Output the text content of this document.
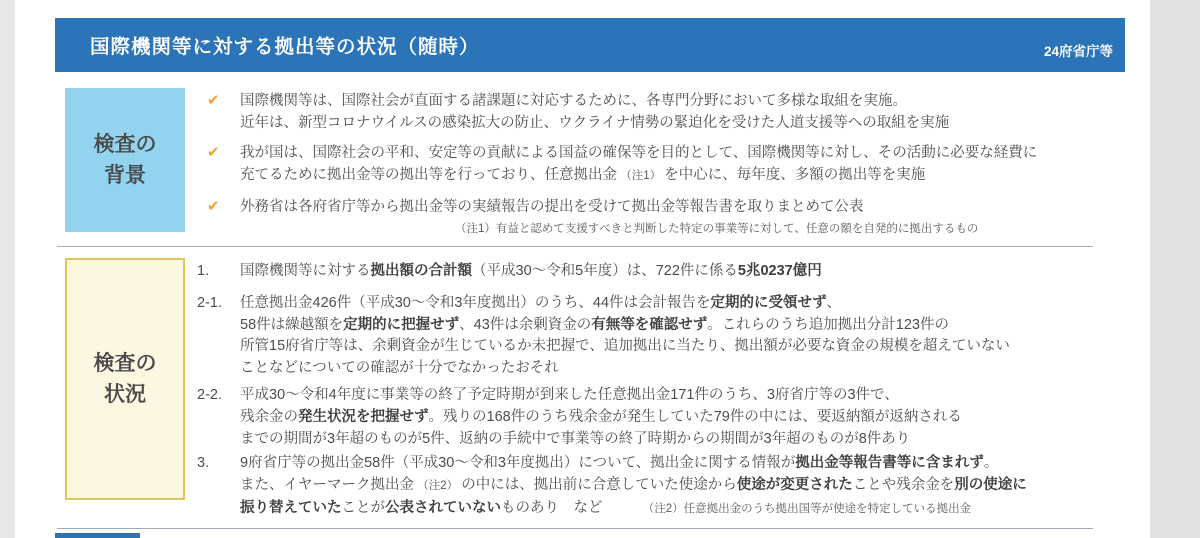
国際機関等に対する拠出等の状況（随時）	24府省庁等
検査の
背景
✔	国際機関等は、国際社会が直面する諸課題に対応するために、各専門分野において多様な取組を実施。
近年は、新型コロナウイルスの感染拡大の防止、ウクライナ情勢の緊迫化を受けた人道支援等への取組を実施
✔	我が国は、国際社会の平和、安定等の貢献による国益の確保等を目的として、国際機関等に対し、その活動に必要な経費に
充てるために拠出金等の拠出等を行っており、任意拠出金 （注1） を中心に、毎年度、多額の拠出等を実施
✔	外務省は各府省庁等から拠出金等の実績報告の提出を受けて拠出金等報告書を取りまとめて公表
（注1）有益と認めて支援すべきと判断した特定の事業等に対して、任意の額を自発的に拠出するもの
検査の
状況
1.	国際機関等に対する拠出額の合計額（平成30～令和5年度）は、722件に係る5兆0237億円
2-1.	任意拠出金426件（平成30～令和3年度拠出）のうち、44件は会計報告を定期的に受領せず、
58件は繰越額を定期的に把握せず、43件は余剰資金の有無等を確認せず。これらのうち追加拠出分計123件の
所管15府省庁等は、余剰資金が生じているか未把握で、追加拠出に当たり、拠出額が必要な資金の規模を超えていない
ことなどについての確認が十分でなかったおそれ
2-2.	平成30～令和4年度に事業等の終了予定時期が到来した任意拠出金171件のうち、3府省庁等の3件で、
残余金の発生状況を把握せず。残りの168件のうち残余金が発生していた79件の中には、要返納額が返納される
までの期間が3年超のものが5件、返納の手続中で事業等の終了時期からの期間が3年超のものが8件あり
3.	9府省庁等の拠出金58件（平成30～令和3年度拠出）について、拠出金に関する情報が拠出金等報告書等に含まれず。
また、イヤーマーク拠出金 （注2） の中には、拠出前に合意していた使途から使途が変更されたことや残余金を別の使途に
振り替えていたことが公表されていないものあり　など　　　　（注2）任意拠出金のうち拠出国等が使途を特定している拠出金
